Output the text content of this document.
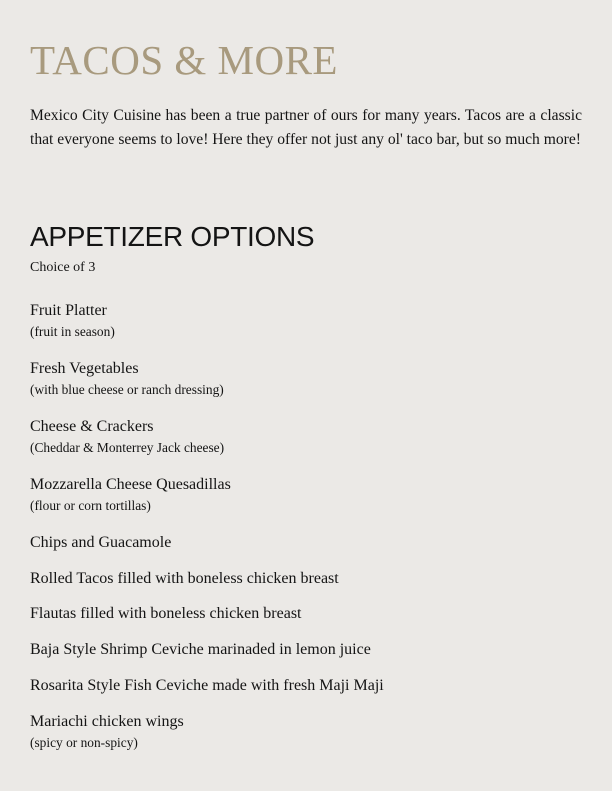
TACOS & MORE

Mexico City Cuisine has been a true partner of ours for many years. Tacos are a classic that everyone seems to love! Here they offer not just any ol' taco bar, but so much more!

APPETIZER OPTIONS

Choice of 3

Fruit Platter
(fruit in season)
Fresh Vegetables
(with blue cheese or ranch dressing)
Cheese & Crackers
(Cheddar & Monterrey Jack cheese)
Mozzarella Cheese Quesadillas
(flour or corn tortillas)
Chips and Guacamole
Rolled Tacos filled with boneless chicken breast
Flautas filled with boneless chicken breast
Baja Style Shrimp Ceviche marinaded in lemon juice
Rosarita Style Fish Ceviche made with fresh Maji Maji
Mariachi chicken wings
(spicy or non-spicy)
